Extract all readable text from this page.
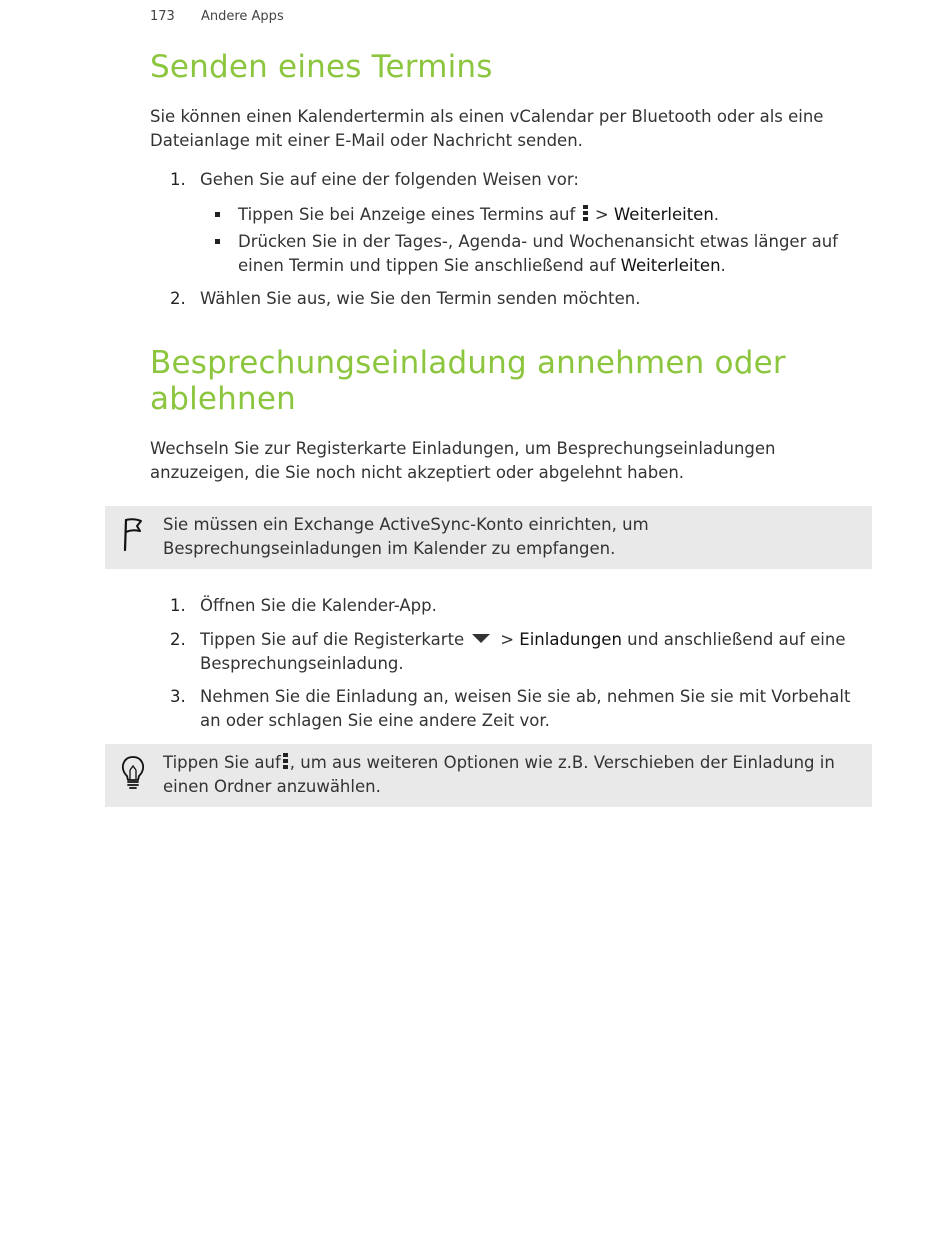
173 Andere Apps
Senden eines Termins

Sie können einen Kalendertermin als einen vCalendar per Bluetooth oder als eine Dateianlage mit einer E-Mail oder Nachricht senden.

1. Gehen Sie auf eine der folgenden Weisen vor:
Tippen Sie bei Anzeige eines Termins auf  > Weiterleiten.
Drücken Sie in der Tages-, Agenda- und Wochenansicht etwas länger auf einen Termin und tippen Sie anschließend auf Weiterleiten.
2. Wählen Sie aus, wie Sie den Termin senden möchten.
Besprechungseinladung annehmen oder ablehnen

Wechseln Sie zur Registerkarte Einladungen, um Besprechungseinladungen anzuzeigen, die Sie noch nicht akzeptiert oder abgelehnt haben.

Sie müssen ein Exchange ActiveSync-Konto einrichten, um Besprechungseinladungen im Kalender zu empfangen.
1. Öffnen Sie die Kalender-App.
2. Tippen Sie auf die Registerkarte > Einladungen und anschließend auf eine Besprechungseinladung.
3. Nehmen Sie die Einladung an, weisen Sie sie ab, nehmen Sie sie mit Vorbehalt an oder schlagen Sie eine andere Zeit vor.
Tippen Sie auf , um aus weiteren Optionen wie z.B. Verschieben der Einladung in einen Ordner anzuwählen.
